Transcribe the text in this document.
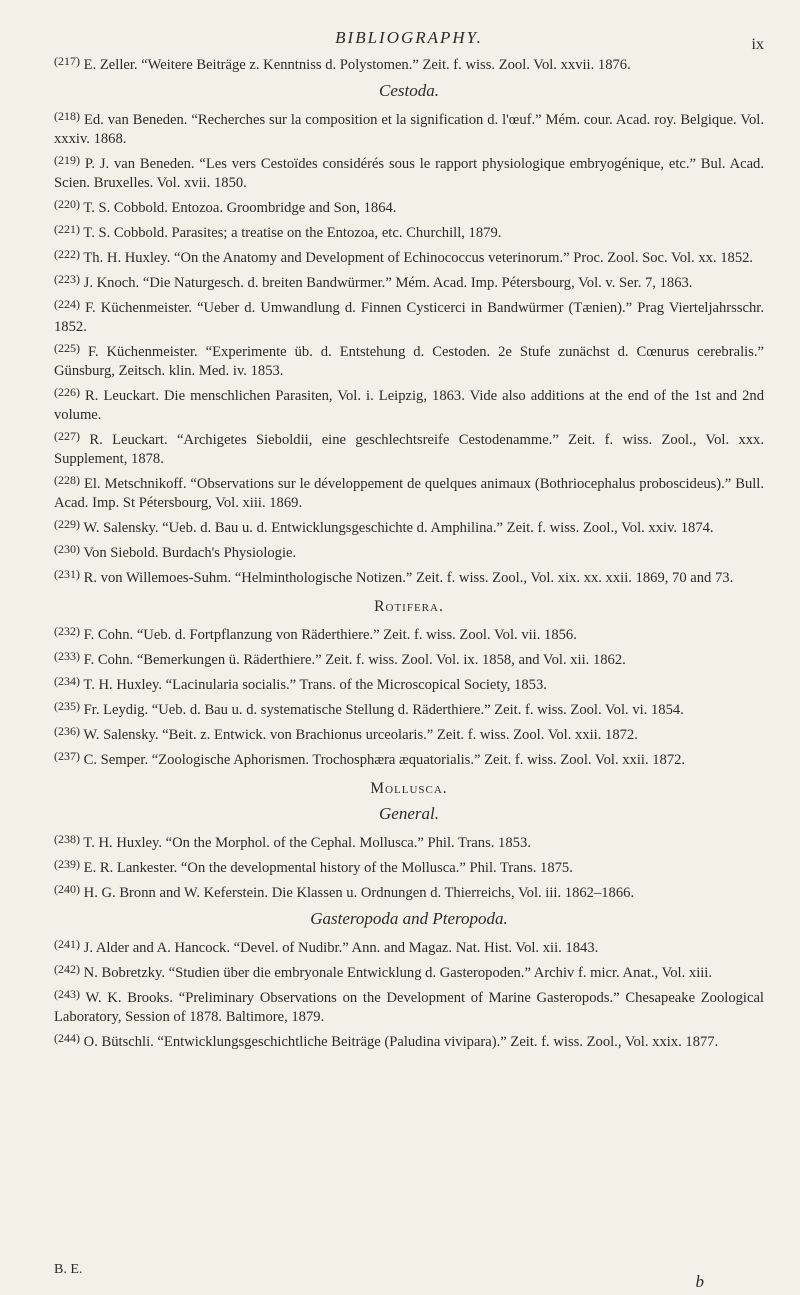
BIBLIOGRAPHY.	ix

$^{(217)}$ E. Zeller. “Weitere Beiträge z. Kenntniss d. Polystomen.” Zeit. f. wiss. Zool. Vol. xxvii. 1876.

Cestoda.

$^{(218)}$ Ed. van Beneden. “Recherches sur la composition et la signification d. l'œuf.” Mém. cour. Acad. roy. Belgique. Vol. xxxiv. 1868.

$^{(219)}$ P. J. van Beneden. “Les vers Cestoïdes considérés sous le rapport physiologique embryogénique, etc.” Bul. Acad. Scien. Bruxelles. Vol. xvii. 1850.

$^{(220)}$ T. S. Cobbold. Entozoa. Groombridge and Son, 1864.

$^{(221)}$ T. S. Cobbold. Parasites; a treatise on the Entozoa, etc. Churchill, 1879.

$^{(222)}$ Th. H. Huxley. “On the Anatomy and Development of Echinococcus veterinorum.” Proc. Zool. Soc. Vol. xx. 1852.

$^{(223)}$ J. Knoch. “Die Naturgesch. d. breiten Bandwürmer.” Mém. Acad. Imp. Pétersbourg, Vol. v. Ser. 7, 1863.

$^{(224)}$ F. Küchenmeister. “Ueber d. Umwandlung d. Finnen Cysticerci in Bandwürmer (Tænien).” Prag Vierteljahrsschr. 1852.

$^{(225)}$ F. Küchenmeister. “Experimente üb. d. Entstehung d. Cestoden. 2e Stufe zunächst d. Cœnurus cerebralis.” Günsburg, Zeitsch. klin. Med. iv. 1853.

$^{(226)}$ R. Leuckart. Die menschlichen Parasiten, Vol. i. Leipzig, 1863. Vide also additions at the end of the 1st and 2nd volume.

$^{(227)}$ R. Leuckart. “Archigetes Sieboldii, eine geschlechtsreife Cestodenamme.” Zeit. f. wiss. Zool., Vol. xxx. Supplement, 1878.

$^{(228)}$ El. Metschnikoff. “Observations sur le développement de quelques animaux (Bothriocephalus proboscideus).” Bull. Acad. Imp. St Pétersbourg, Vol. xiii. 1869.

$^{(229)}$ W. Salensky. “Ueb. d. Bau u. d. Entwicklungsgeschichte d. Amphilina.” Zeit. f. wiss. Zool., Vol. xxiv. 1874.

$^{(230)}$ Von Siebold. Burdach's Physiologie.

$^{(231)}$ R. von Willemoes-Suhm. “Helminthologische Notizen.” Zeit. f. wiss. Zool., Vol. xix. xx. xxii. 1869, 70 and 73.

Rotifera.

$^{(232)}$ F. Cohn. “Ueb. d. Fortpflanzung von Räderthiere.” Zeit. f. wiss. Zool. Vol. vii. 1856.

$^{(233)}$ F. Cohn. “Bemerkungen ü. Räderthiere.” Zeit. f. wiss. Zool. Vol. ix. 1858, and Vol. xii. 1862.

$^{(234)}$ T. H. Huxley. “Lacinularia socialis.” Trans. of the Microscopical Society, 1853.

$^{(235)}$ Fr. Leydig. “Ueb. d. Bau u. d. systematische Stellung d. Räderthiere.” Zeit. f. wiss. Zool. Vol. vi. 1854.

$^{(236)}$ W. Salensky. “Beit. z. Entwick. von Brachionus urceolaris.” Zeit. f. wiss. Zool. Vol. xxii. 1872.

$^{(237)}$ C. Semper. “Zoologische Aphorismen. Trochosphæra æquatorialis.” Zeit. f. wiss. Zool. Vol. xxii. 1872.

Mollusca.
General.

$^{(238)}$ T. H. Huxley. “On the Morphol. of the Cephal. Mollusca.” Phil. Trans. 1853.

$^{(239)}$ E. R. Lankester. “On the developmental history of the Mollusca.” Phil. Trans. 1875.

$^{(240)}$ H. G. Bronn and W. Keferstein. Die Klassen u. Ordnungen d. Thierreichs, Vol. iii. 1862–1866.

Gasteropoda and Pteropoda.

$^{(241)}$ J. Alder and A. Hancock. “Devel. of Nudibr.” Ann. and Magaz. Nat. Hist. Vol. xii. 1843.

$^{(242)}$ N. Bobretzky. “Studien über die embryonale Entwicklung d. Gasteropoden.” Archiv f. micr. Anat., Vol. xiii.

$^{(243)}$ W. K. Brooks. “Preliminary Observations on the Development of Marine Gasteropods.” Chesapeake Zoological Laboratory, Session of 1878. Baltimore, 1879.

$^{(244)}$ O. Bütschli. “Entwicklungsgeschichtliche Beiträge (Paludina vivipara).” Zeit. f. wiss. Zool., Vol. xxix. 1877.

B. E.
b
